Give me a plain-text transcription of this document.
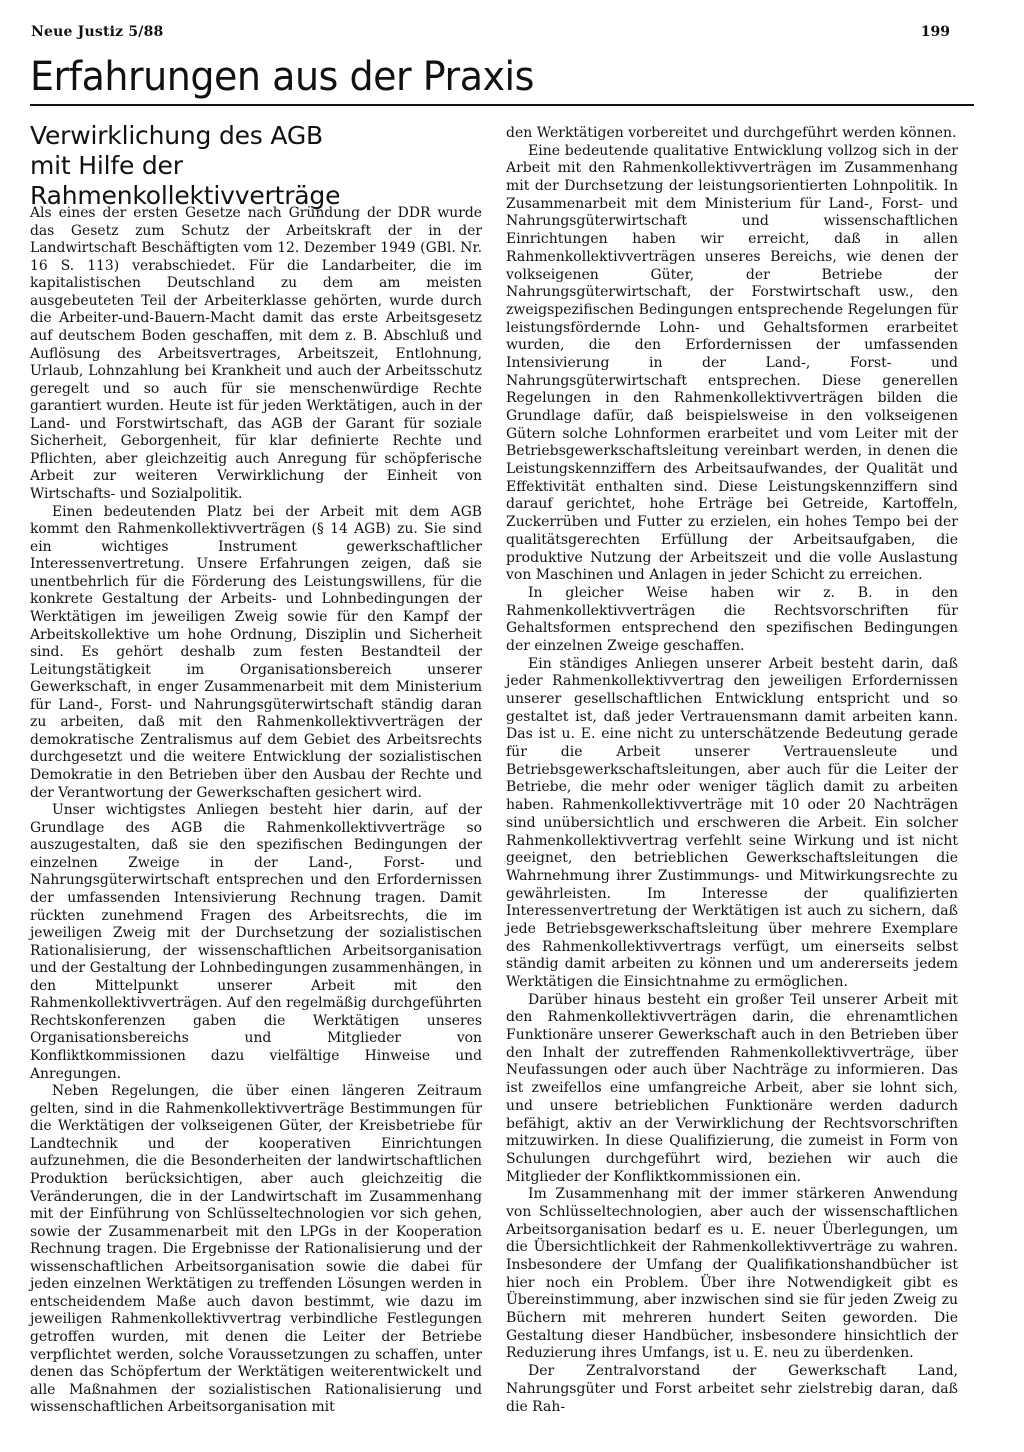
Neue Justiz 5/88	199
Erfahrungen aus der Praxis
Verwirklichung des AGB
mit Hilfe der Rahmenkollektivverträge

Als eines der ersten Gesetze nach Gründung der DDR wurde das Gesetz zum Schutz der Arbeitskraft der in der Landwirtschaft Beschäftigten vom 12. Dezember 1949 (GBl. Nr. 16 S. 113) verabschiedet. Für die Landarbeiter, die im kapitalistischen Deutschland zu dem am meisten ausgebeuteten Teil der Arbeiterklasse gehörten, wurde durch die Arbeiter-und-Bauern-Macht damit das erste Arbeitsgesetz auf deutschem Boden geschaffen, mit dem z. B. Abschluß und Auflösung des Arbeitsvertrages, Arbeitszeit, Entlohnung, Urlaub, Lohnzahlung bei Krankheit und auch der Arbeitsschutz geregelt und so auch für sie menschenwürdige Rechte garantiert wurden. Heute ist für jeden Werktätigen, auch in der Land- und Forstwirtschaft, das AGB der Garant für soziale Sicherheit, Geborgenheit, für klar definierte Rechte und Pflichten, aber gleichzeitig auch Anregung für schöpferische Arbeit zur weiteren Verwirklichung der Einheit von Wirtschafts- und Sozialpolitik.

Einen bedeutenden Platz bei der Arbeit mit dem AGB kommt den Rahmenkollektivverträgen (§ 14 AGB) zu. Sie sind ein wichtiges Instrument gewerkschaftlicher Interessenvertretung. Unsere Erfahrungen zeigen, daß sie unentbehrlich für die Förderung des Leistungswillens, für die konkrete Gestaltung der Arbeits- und Lohnbedingungen der Werktätigen im jeweiligen Zweig sowie für den Kampf der Arbeitskollektive um hohe Ordnung, Disziplin und Sicherheit sind. Es gehört deshalb zum festen Bestandteil der Leitungstätigkeit im Organisationsbereich unserer Gewerkschaft, in enger Zusammenarbeit mit dem Ministerium für Land-, Forst- und Nahrungsgüterwirtschaft ständig daran zu arbeiten, daß mit den Rahmenkollektivverträgen der demokratische Zentralismus auf dem Gebiet des Arbeitsrechts durchgesetzt und die weitere Entwicklung der sozialistischen Demokratie in den Betrieben über den Ausbau der Rechte und der Verantwortung der Gewerkschaften gesichert wird.

Unser wichtigstes Anliegen besteht hier darin, auf der Grundlage des AGB die Rahmenkollektivverträge so auszugestalten, daß sie den spezifischen Bedingungen der einzelnen Zweige in der Land-, Forst- und Nahrungsgüterwirtschaft entsprechen und den Erfordernissen der umfassenden Intensivierung Rechnung tragen. Damit rückten zunehmend Fragen des Arbeitsrechts, die im jeweiligen Zweig mit der Durchsetzung der sozialistischen Rationalisierung, der wissenschaftlichen Arbeitsorganisation und der Gestaltung der Lohnbedingungen zusammenhängen, in den Mittelpunkt unserer Arbeit mit den Rahmenkollektivverträgen. Auf den regelmäßig durchgeführten Rechtskonferenzen gaben die Werktätigen unseres Organisationsbereichs und Mitglieder von Konfliktkommissionen dazu vielfältige Hinweise und Anregungen.

Neben Regelungen, die über einen längeren Zeitraum gelten, sind in die Rahmenkollektivverträge Bestimmungen für die Werktätigen der volkseigenen Güter, der Kreisbetriebe für Landtechnik und der kooperativen Einrichtungen aufzunehmen, die die Besonderheiten der landwirtschaftlichen Produktion berücksichtigen, aber auch gleichzeitig die Veränderungen, die in der Landwirtschaft im Zusammenhang mit der Einführung von Schlüsseltechnologien vor sich gehen, sowie der Zusammenarbeit mit den LPGs in der Kooperation Rechnung tragen. Die Ergebnisse der Rationalisierung und der wissenschaftlichen Arbeitsorganisation sowie die dabei für jeden einzelnen Werktätigen zu treffenden Lösungen werden in entscheidendem Maße auch davon bestimmt, wie dazu im jeweiligen Rahmenkollektivvertrag verbindliche Festlegungen getroffen wurden, mit denen die Leiter der Betriebe verpflichtet werden, solche Voraussetzungen zu schaffen, unter denen das Schöpfertum der Werktätigen weiterentwickelt und alle Maßnahmen der sozialistischen Rationalisierung und wissenschaftlichen Arbeitsorganisation mit

den Werktätigen vorbereitet und durchgeführt werden können.

Eine bedeutende qualitative Entwicklung vollzog sich in der Arbeit mit den Rahmenkollektivverträgen im Zusammenhang mit der Durchsetzung der leistungsorientierten Lohnpolitik. In Zusammenarbeit mit dem Ministerium für Land-, Forst- und Nahrungsgüterwirtschaft und wissenschaftlichen Einrichtungen haben wir erreicht, daß in allen Rahmenkollektivverträgen unseres Bereichs, wie denen der volkseigenen Güter, der Betriebe der Nahrungsgüterwirtschaft, der Forstwirtschaft usw., den zweigspezifischen Bedingungen entsprechende Regelungen für leistungsfördernde Lohn- und Gehaltsformen erarbeitet wurden, die den Erfordernissen der umfassenden Intensivierung in der Land-, Forst- und Nahrungsgüterwirtschaft entsprechen. Diese generellen Regelungen in den Rahmenkollektivverträgen bilden die Grundlage dafür, daß beispielsweise in den volkseigenen Gütern solche Lohnformen erarbeitet und vom Leiter mit der Betriebsgewerkschaftsleitung vereinbart werden, in denen die Leistungskennziffern des Arbeitsaufwandes, der Qualität und Effektivität enthalten sind. Diese Leistungskennziffern sind darauf gerichtet, hohe Erträge bei Getreide, Kartoffeln, Zuckerrüben und Futter zu erzielen, ein hohes Tempo bei der qualitätsgerechten Erfüllung der Arbeitsaufgaben, die produktive Nutzung der Arbeitszeit und die volle Auslastung von Maschinen und Anlagen in jeder Schicht zu erreichen.

In gleicher Weise haben wir z. B. in den Rahmenkollektivverträgen die Rechtsvorschriften für Gehaltsformen entsprechend den spezifischen Bedingungen der einzelnen Zweige geschaffen.

Ein ständiges Anliegen unserer Arbeit besteht darin, daß jeder Rahmenkollektivvertrag den jeweiligen Erfordernissen unserer gesellschaftlichen Entwicklung entspricht und so gestaltet ist, daß jeder Vertrauensmann damit arbeiten kann. Das ist u. E. eine nicht zu unterschätzende Bedeutung gerade für die Arbeit unserer Vertrauensleute und Betriebsgewerkschaftsleitungen, aber auch für die Leiter der Betriebe, die mehr oder weniger täglich damit zu arbeiten haben. Rahmenkollektivverträge mit 10 oder 20 Nachträgen sind unübersichtlich und erschweren die Arbeit. Ein solcher Rahmenkollektivvertrag verfehlt seine Wirkung und ist nicht geeignet, den betrieblichen Gewerkschaftsleitungen die Wahrnehmung ihrer Zustimmungs- und Mitwirkungsrechte zu gewährleisten. Im Interesse der qualifizierten Interessenvertretung der Werktätigen ist auch zu sichern, daß jede Betriebsgewerkschaftsleitung über mehrere Exemplare des Rahmenkollektivvertrags verfügt, um einerseits selbst ständig damit arbeiten zu können und um andererseits jedem Werktätigen die Einsichtnahme zu ermöglichen.

Darüber hinaus besteht ein großer Teil unserer Arbeit mit den Rahmenkollektivverträgen darin, die ehrenamtlichen Funktionäre unserer Gewerkschaft auch in den Betrieben über den Inhalt der zutreffenden Rahmenkollektivverträge, über Neufassungen oder auch über Nachträge zu informieren. Das ist zweifellos eine umfangreiche Arbeit, aber sie lohnt sich, und unsere betrieblichen Funktionäre werden dadurch befähigt, aktiv an der Verwirklichung der Rechtsvorschriften mitzuwirken. In diese Qualifizierung, die zumeist in Form von Schulungen durchgeführt wird, beziehen wir auch die Mitglieder der Konfliktkommissionen ein.

Im Zusammenhang mit der immer stärkeren Anwendung von Schlüsseltechnologien, aber auch der wissenschaftlichen Arbeitsorganisation bedarf es u. E. neuer Überlegungen, um die Übersichtlichkeit der Rahmenkollektivverträge zu wahren. Insbesondere der Umfang der Qualifikationshandbücher ist hier noch ein Problem. Über ihre Notwendigkeit gibt es Übereinstimmung, aber inzwischen sind sie für jeden Zweig zu Büchern mit mehreren hundert Seiten geworden. Die Gestaltung dieser Handbücher, insbesondere hinsichtlich der Reduzierung ihres Umfangs, ist u. E. neu zu überdenken.

Der Zentralvorstand der Gewerkschaft Land, Nahrungsgüter und Forst arbeitet sehr zielstrebig daran, daß die Rah-
